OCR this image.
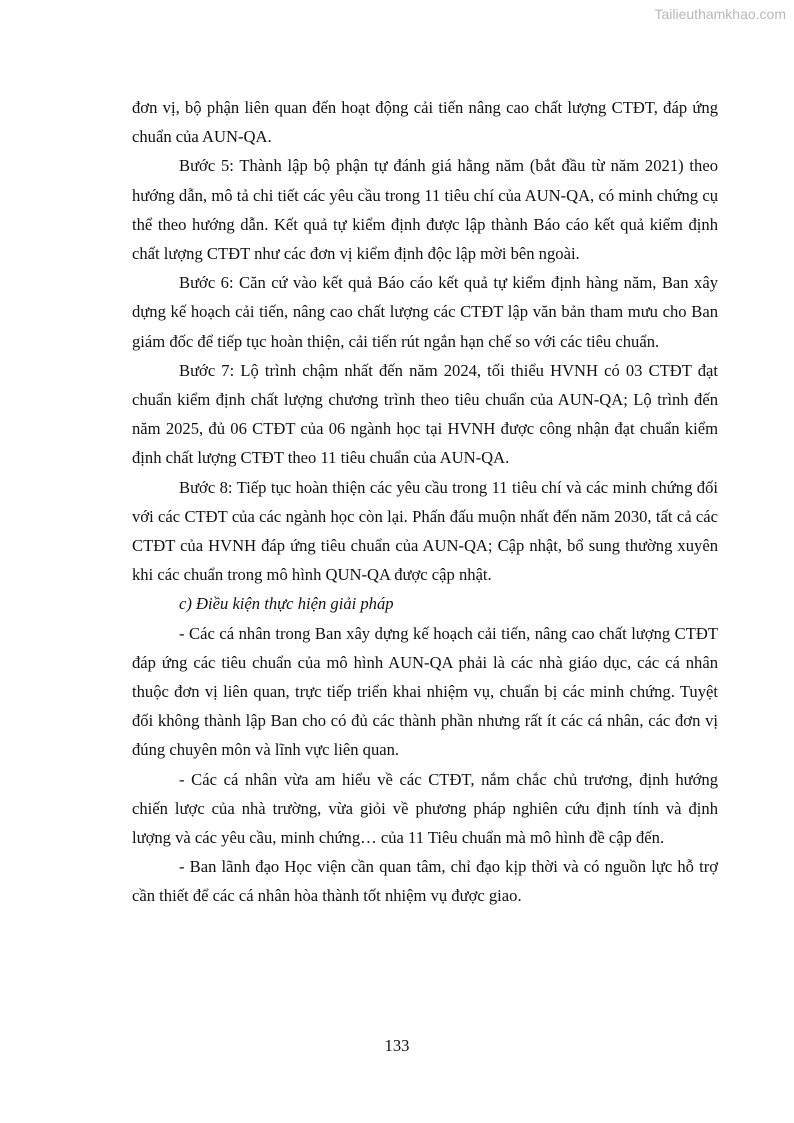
Tailieuthamkhao.com

đơn vị, bộ phận liên quan đến hoạt động cải tiến nâng cao chất lượng CTĐT, đáp ứng chuẩn của AUN-QA.

Bước 5: Thành lập bộ phận tự đánh giá hằng năm (bắt đầu từ năm 2021) theo hướng dẫn, mô tả chi tiết các yêu cầu trong 11 tiêu chí của AUN-QA, có minh chứng cụ thể theo hướng dẫn. Kết quả tự kiểm định được lập thành Báo cáo kết quả kiểm định chất lượng CTĐT như các đơn vị kiểm định độc lập mời bên ngoài.

Bước 6: Căn cứ vào kết quả Báo cáo kết quả tự kiểm định hàng năm, Ban xây dựng kế hoạch cải tiến, nâng cao chất lượng các CTĐT lập văn bản tham mưu cho Ban giám đốc để tiếp tục hoàn thiện, cải tiến rút ngắn hạn chế so với các tiêu chuẩn.

Bước 7: Lộ trình chậm nhất đến năm 2024, tối thiểu HVNH có 03 CTĐT đạt chuẩn kiểm định chất lượng chương trình theo tiêu chuẩn của AUN-QA; Lộ trình đến năm 2025, đủ 06 CTĐT của 06 ngành học tại HVNH được công nhận đạt chuẩn kiểm định chất lượng CTĐT theo 11 tiêu chuẩn của AUN-QA.

Bước 8: Tiếp tục hoàn thiện các yêu cầu trong 11 tiêu chí và các minh chứng đối với các CTĐT của các ngành học còn lại. Phấn đấu muộn nhất đến năm 2030, tất cả các CTĐT của HVNH đáp ứng tiêu chuẩn của AUN-QA; Cập nhật, bổ sung thường xuyên khi các chuẩn trong mô hình QUN-QA được cập nhật.

c) Điều kiện thực hiện giải pháp

- Các cá nhân trong Ban xây dựng kế hoạch cải tiến, nâng cao chất lượng CTĐT đáp ứng các tiêu chuẩn của mô hình AUN-QA phải là các nhà giáo dục, các cá nhân thuộc đơn vị liên quan, trực tiếp triển khai nhiệm vụ, chuẩn bị các minh chứng. Tuyệt đối không thành lập Ban cho có đủ các thành phần nhưng rất ít các cá nhân, các đơn vị đúng chuyên môn và lĩnh vực liên quan.

- Các cá nhân vừa am hiểu về các CTĐT, nắm chắc chủ trương, định hướng chiến lược của nhà trường, vừa giỏi về phương pháp nghiên cứu định tính và định lượng và các yêu cầu, minh chứng… của 11 Tiêu chuẩn mà mô hình đề cập đến.

- Ban lãnh đạo Học viện cần quan tâm, chỉ đạo kịp thời và có nguồn lực hỗ trợ cần thiết để các cá nhân hòa thành tốt nhiệm vụ được giao.

133
